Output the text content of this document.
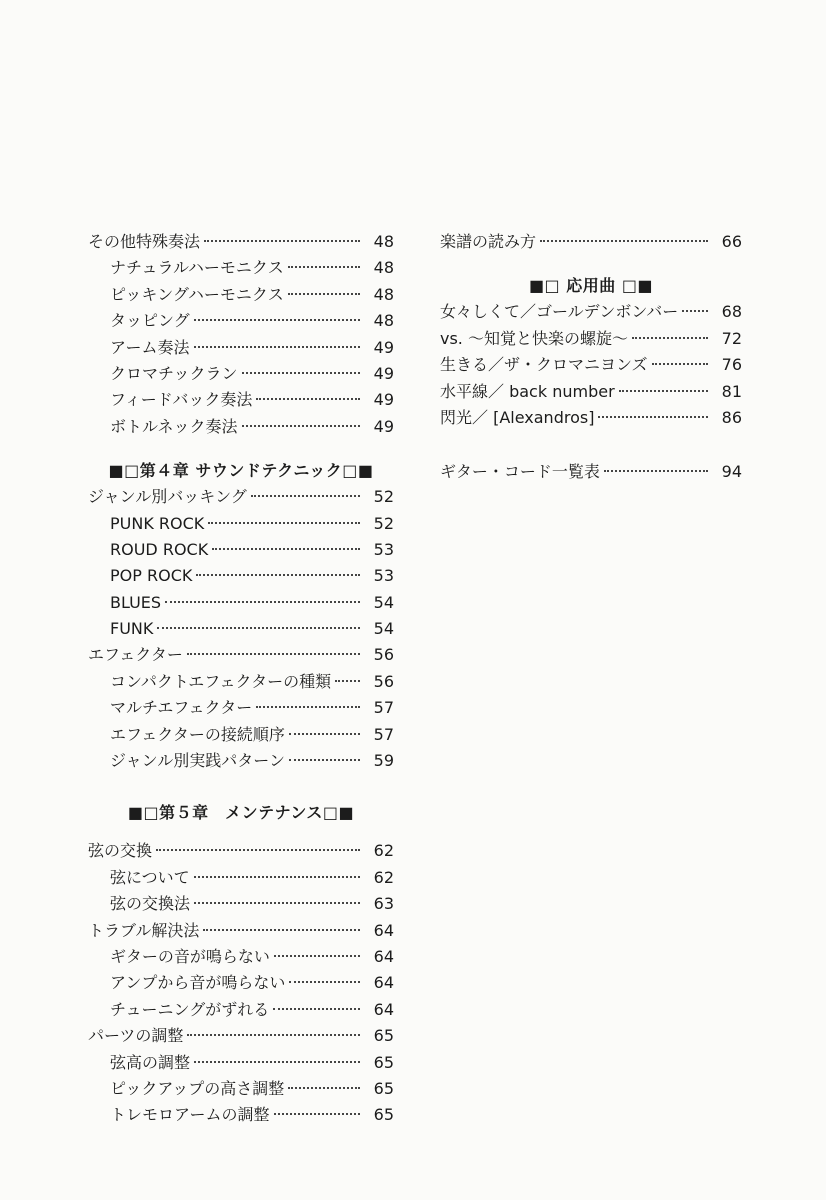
その他特殊奏法	48
ナチュラルハーモニクス	48
ピッキングハーモニクス	48
タッピング	48
アーム奏法	49
クロマチックラン	49
フィードバック奏法	49
ボトルネック奏法	49
■□第４章 サウンドテクニック□■
ジャンル別バッキング	52
PUNK ROCK	52
ROUD ROCK	53
POP ROCK	53
BLUES	54
FUNK	54
エフェクター	56
コンパクトエフェクターの種類	56
マルチエフェクター	57
エフェクターの接続順序	57
ジャンル別実践パターン	59
■□第５章　メンテナンス□■
弦の交換	62
弦について	62
弦の交換法	63
トラブル解決法	64
ギターの音が鳴らない	64
アンプから音が鳴らない	64
チューニングがずれる	64
パーツの調整	65
弦高の調整	65
ピックアップの高さ調整	65
トレモロアームの調整	65
楽譜の読み方	66
■□ 応用曲 □■
女々しくて／ゴールデンボンバー	68
vs. 〜知覚と快楽の螺旋〜	72
生きる／ザ・クロマニヨンズ	76
水平線／ back number	81
閃光／ [Alexandros]	86
ギター・コード一覧表	94
